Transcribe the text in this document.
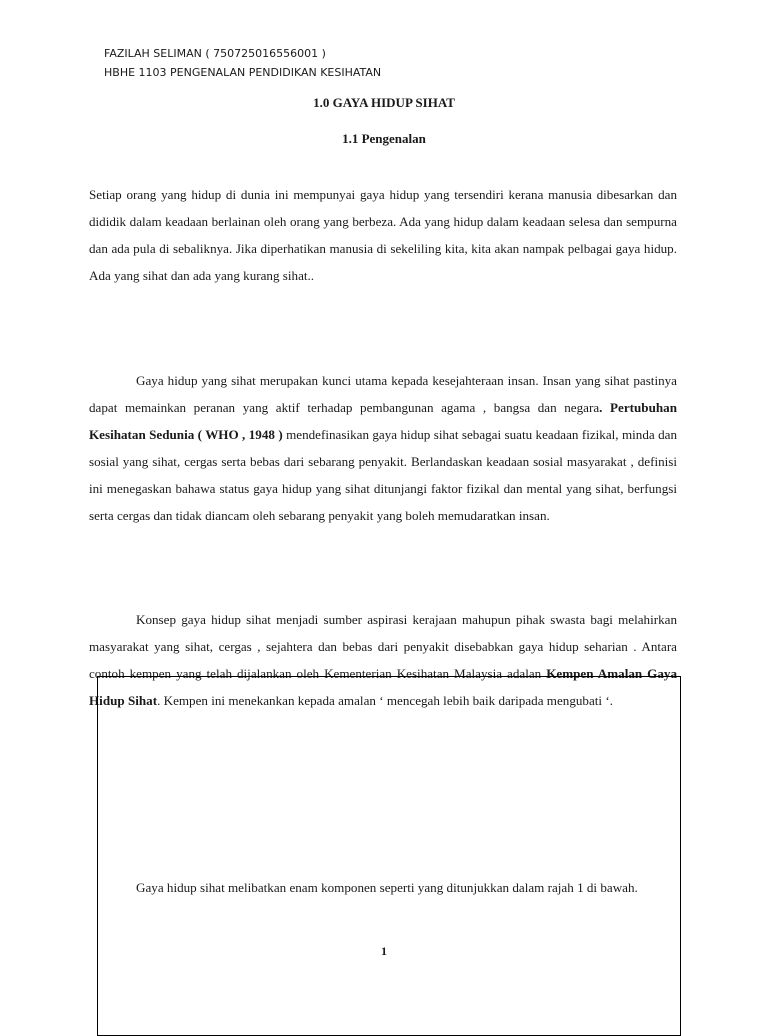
FAZILAH SELIMAN ( 750725016556001 )

HBHE 1103 PENGENALAN PENDIDIKAN KESIHATAN

1.0 GAYA HIDUP SIHAT
1.1 Pengenalan

Setiap orang yang hidup di dunia ini mempunyai gaya hidup yang tersendiri kerana manusia dibesarkan dan dididik dalam keadaan berlainan oleh orang yang berbeza. Ada yang hidup dalam keadaan selesa dan sempurna dan ada pula di sebaliknya. Jika diperhatikan manusia di sekeliling kita, kita akan nampak pelbagai gaya hidup. Ada yang sihat dan ada yang kurang sihat..

Gaya hidup yang sihat merupakan kunci utama kepada kesejahteraan insan. Insan yang sihat pastinya dapat memainkan peranan yang aktif terhadap pembangunan agama , bangsa dan negara. Pertubuhan Kesihatan Sedunia ( WHO , 1948 ) mendefinasikan gaya hidup sihat sebagai suatu keadaan fizikal, minda dan sosial yang sihat, cergas serta bebas dari sebarang penyakit. Berlandaskan keadaan sosial masyarakat , definisi ini menegaskan bahawa status gaya hidup yang sihat ditunjangi faktor fizikal dan mental yang sihat, berfungsi serta cergas dan tidak diancam oleh sebarang penyakit yang boleh memudaratkan insan.

Konsep gaya hidup sihat menjadi sumber aspirasi kerajaan mahupun pihak swasta bagi melahirkan masyarakat yang sihat, cergas , sejahtera dan bebas dari penyakit disebabkan gaya hidup seharian . Antara contoh kempen yang telah dijalankan oleh Kementerian Kesihatan Malaysia adalan Kempen Amalan Gaya Hidup Sihat. Kempen ini menekankan kepada amalan ‘ mencegah lebih baik daripada mengubati ‘.

Gaya hidup sihat melibatkan enam komponen seperti yang ditunjukkan dalam rajah 1 di bawah.

1
